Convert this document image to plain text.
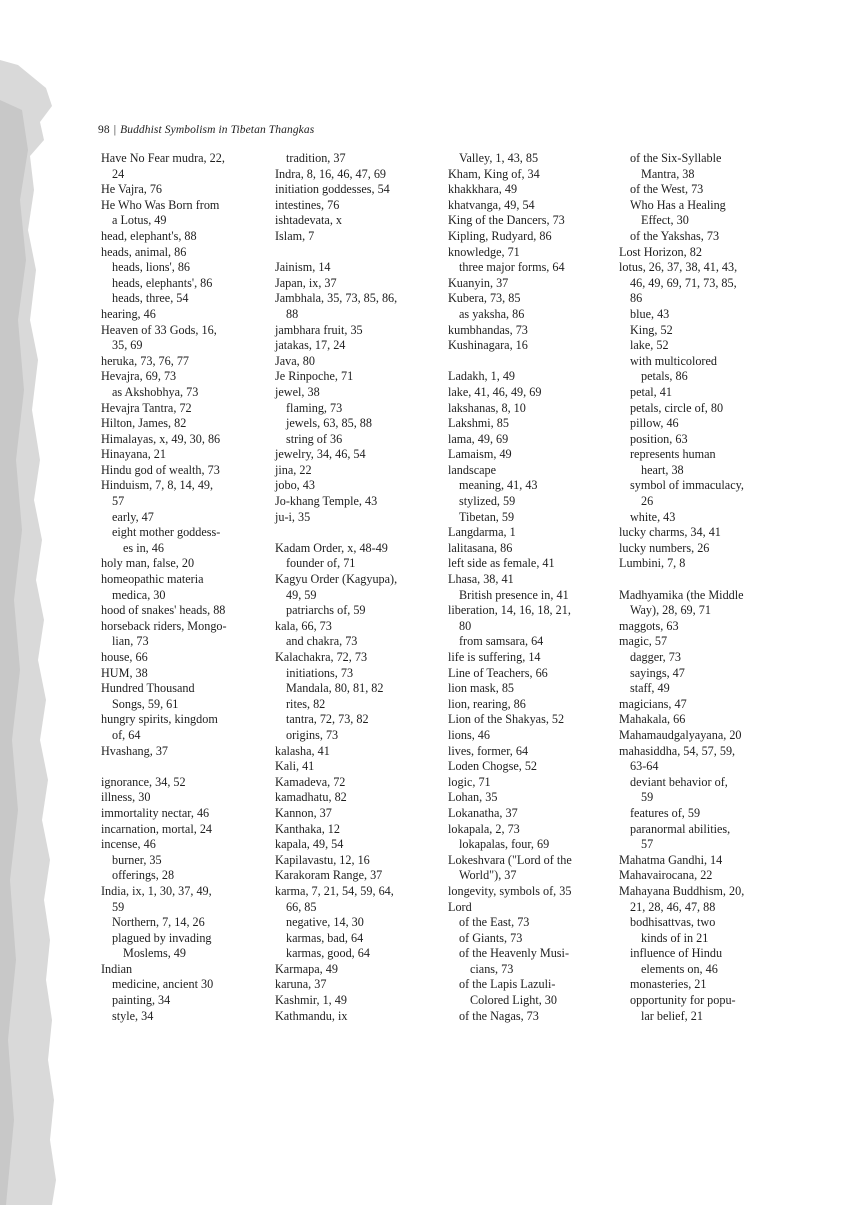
98 | Buddhist Symbolism in Tibetan Thangkas
Have No Fear mudra, 22,
24
He Vajra, 76
He Who Was Born from
a Lotus, 49
head, elephant's, 88
heads, animal, 86
heads, lions', 86
heads, elephants', 86
heads, three, 54
hearing, 46
Heaven of 33 Gods, 16,
35, 69
heruka, 73, 76, 77
Hevajra, 69, 73
as Akshobhya, 73
Hevajra Tantra, 72
Hilton, James, 82
Himalayas, x, 49, 30, 86
Hinayana, 21
Hindu god of wealth, 73
Hinduism, 7, 8, 14, 49,
57
early, 47
eight mother goddess-
es in, 46
holy man, false, 20
homeopathic materia
medica, 30
hood of snakes' heads, 88
horseback riders, Mongo-
lian, 73
house, 66
HUM, 38
Hundred Thousand
Songs, 59, 61
hungry spirits, kingdom
of, 64
Hvashang, 37
ignorance, 34, 52
illness, 30
immortality nectar, 46
incarnation, mortal, 24
incense, 46
burner, 35
offerings, 28
India, ix, 1, 30, 37, 49,
59
Northern, 7, 14, 26
plagued by invading
Moslems, 49
Indian
medicine, ancient 30
painting, 34
style, 34
tradition, 37
Indra, 8, 16, 46, 47, 69
initiation goddesses, 54
intestines, 76
ishtadevata, x
Islam, 7
Jainism, 14
Japan, ix, 37
Jambhala, 35, 73, 85, 86,
88
jambhara fruit, 35
jatakas, 17, 24
Java, 80
Je Rinpoche, 71
jewel, 38
flaming, 73
jewels, 63, 85, 88
string of 36
jewelry, 34, 46, 54
jina, 22
jobo, 43
Jo-khang Temple, 43
ju-i, 35
Kadam Order, x, 48-49
founder of, 71
Kagyu Order (Kagyupa),
49, 59
patriarchs of, 59
kala, 66, 73
and chakra, 73
Kalachakra, 72, 73
initiations, 73
Mandala, 80, 81, 82
rites, 82
tantra, 72, 73, 82
origins, 73
kalasha, 41
Kali, 41
Kamadeva, 72
kamadhatu, 82
Kannon, 37
Kanthaka, 12
kapala, 49, 54
Kapilavastu, 12, 16
Karakoram Range, 37
karma, 7, 21, 54, 59, 64,
66, 85
negative, 14, 30
karmas, bad, 64
karmas, good, 64
Karmapa, 49
karuna, 37
Kashmir, 1, 49
Kathmandu, ix
Valley, 1, 43, 85
Kham, King of, 34
khakkhara, 49
khatvanga, 49, 54
King of the Dancers, 73
Kipling, Rudyard, 86
knowledge, 71
three major forms, 64
Kuanyin, 37
Kubera, 73, 85
as yaksha, 86
kumbhandas, 73
Kushinagara, 16
Ladakh, 1, 49
lake, 41, 46, 49, 69
lakshanas, 8, 10
Lakshmi, 85
lama, 49, 69
Lamaism, 49
landscape
meaning, 41, 43
stylized, 59
Tibetan, 59
Langdarma, 1
lalitasana, 86
left side as female, 41
Lhasa, 38, 41
British presence in, 41
liberation, 14, 16, 18, 21,
80
from samsara, 64
life is suffering, 14
Line of Teachers, 66
lion mask, 85
lion, rearing, 86
Lion of the Shakyas, 52
lions, 46
lives, former, 64
Loden Chogse, 52
logic, 71
Lohan, 35
Lokanatha, 37
lokapala, 2, 73
lokapalas, four, 69
Lokeshvara ("Lord of the
World"), 37
longevity, symbols of, 35
Lord
of the East, 73
of Giants, 73
of the Heavenly Musi-
cians, 73
of the Lapis Lazuli-
Colored Light, 30
of the Nagas, 73
of the Six-Syllable
Mantra, 38
of the West, 73
Who Has a Healing
Effect, 30
of the Yakshas, 73
Lost Horizon, 82
lotus, 26, 37, 38, 41, 43,
46, 49, 69, 71, 73, 85,
86
blue, 43
King, 52
lake, 52
with multicolored
petals, 86
petal, 41
petals, circle of, 80
pillow, 46
position, 63
represents human
heart, 38
symbol of immaculacy,
26
white, 43
lucky charms, 34, 41
lucky numbers, 26
Lumbini, 7, 8
Madhyamika (the Middle
Way), 28, 69, 71
maggots, 63
magic, 57
dagger, 73
sayings, 47
staff, 49
magicians, 47
Mahakala, 66
Mahamaudgalyayana, 20
mahasiddha, 54, 57, 59,
63-64
deviant behavior of,
59
features of, 59
paranormal abilities,
57
Mahatma Gandhi, 14
Mahavairocana, 22
Mahayana Buddhism, 20,
21, 28, 46, 47, 88
bodhisattvas, two
kinds of in 21
influence of Hindu
elements on, 46
monasteries, 21
opportunity for popu-
lar belief, 21
